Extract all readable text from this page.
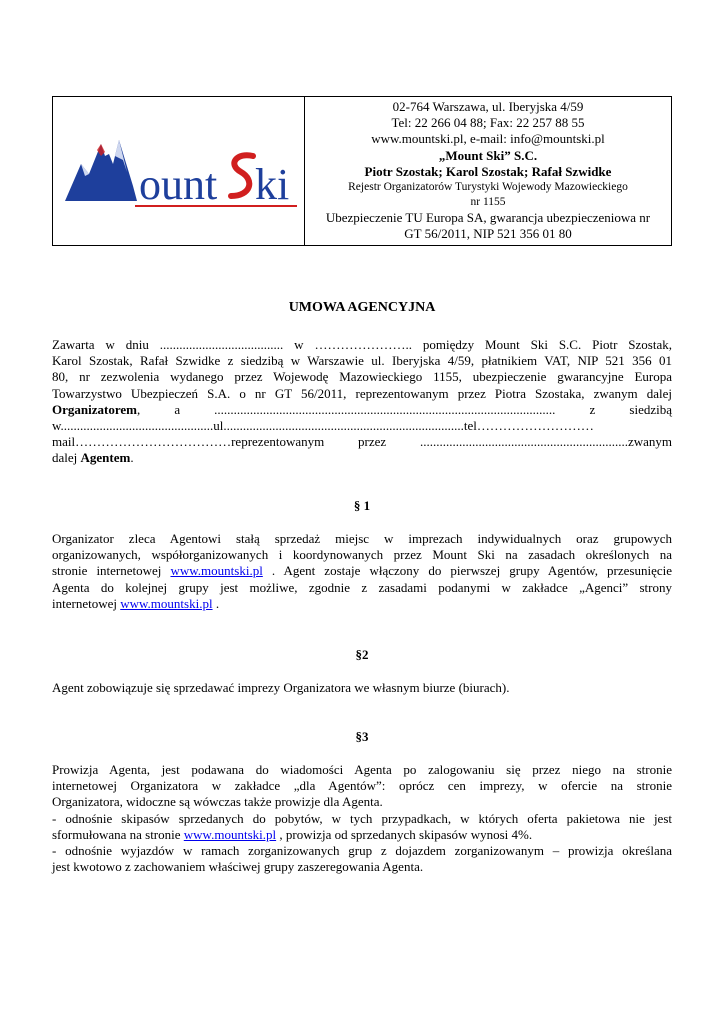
ount ki
02-764 Warszawa, ul. Iberyjska 4/59
Tel: 22 266 04 88; Fax: 22 257 88 55
www.mountski.pl, e-mail: info@mountski.pl
„Mount Ski” S.C.
Piotr Szostak; Karol Szostak; Rafał Szwidke
Rejestr Organizatorów Turystyki Wojewody Mazowieckiego
nr 1155
Ubezpieczenie TU Europa SA, gwarancja ubezpieczeniowa nr
GT 56/2011, NIP 521 356 01 80
UMOWA AGENCYJNA
Zawarta w dniu ...................................... w ………………….. pomiędzy Mount Ski S.C. Piotr Szostak,
Karol Szostak, Rafał Szwidke z siedzibą w Warszawie ul. Iberyjska 4/59, płatnikiem VAT, NIP 521 356 01
80, nr zezwolenia wydanego przez Wojewodę Mazowieckiego 1155, ubezpieczenie gwarancyjne Europa
Towarzystwo Ubezpieczeń S.A. o nr GT 56/2011, reprezentowanym przez Piotra Szostaka, zwanym dalej
Organizatorem, a ......................................................................................................... z siedzibą
w...............................................ul..........................................................................tel………………………
mail………………………………reprezentowanym przez ................................................................zwanym
dalej Agentem.
§ 1
Organizator zleca Agentowi stałą sprzedaż miejsc w imprezach indywidualnych oraz grupowych
organizowanych, współorganizowanych i koordynowanych przez Mount Ski na zasadach określonych na
stronie internetowej www.mountski.pl . Agent zostaje włączony do pierwszej grupy Agentów, przesunięcie
Agenta do kolejnej grupy jest możliwe, zgodnie z zasadami podanymi w zakładce „Agenci” strony
internetowej www.mountski.pl .
§2
Agent zobowiązuje się sprzedawać imprezy Organizatora we własnym biurze (biurach).
§3
Prowizja Agenta, jest podawana do wiadomości Agenta po zalogowaniu się przez niego na stronie
internetowej Organizatora w zakładce „dla Agentów”: oprócz cen imprezy, w ofercie na stronie
Organizatora, widoczne są wówczas także prowizje dla Agenta.
- odnośnie skipasów sprzedanych do pobytów, w tych przypadkach, w których oferta pakietowa nie jest
sformułowana na stronie www.mountski.pl , prowizja od sprzedanych skipasów wynosi 4%.
- odnośnie wyjazdów w ramach zorganizowanych grup z dojazdem zorganizowanym – prowizja określana
jest kwotowo z zachowaniem właściwej grupy zaszeregowania Agenta.
